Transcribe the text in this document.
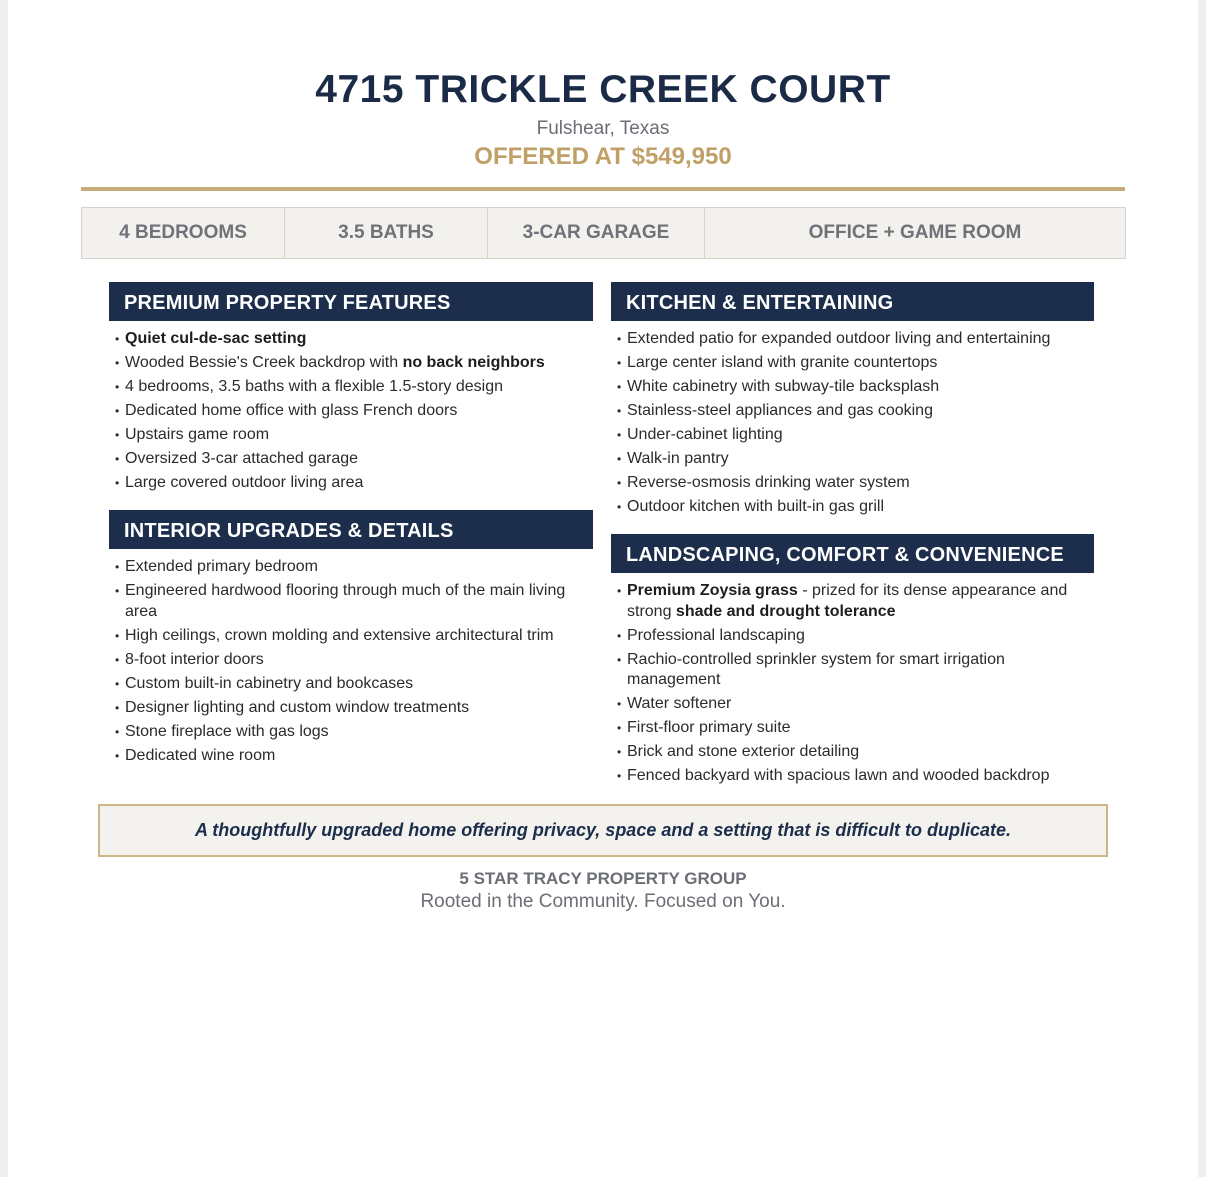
4715 TRICKLE CREEK COURT
Fulshear, Texas
OFFERED AT $549,950
4 BEDROOMS	3.5 BATHS	3-CAR GARAGE	OFFICE + GAME ROOM
PREMIUM PROPERTY FEATURES
• Quiet cul-de-sac setting
• Wooded Bessie's Creek backdrop with no back neighbors
• 4 bedrooms, 3.5 baths with a flexible 1.5-story design
• Dedicated home office with glass French doors
• Upstairs game room
• Oversized 3-car attached garage
• Large covered outdoor living area
INTERIOR UPGRADES & DETAILS
• Extended primary bedroom
• Engineered hardwood flooring through much of the main living area
• High ceilings, crown molding and extensive architectural trim
• 8-foot interior doors
• Custom built-in cabinetry and bookcases
• Designer lighting and custom window treatments
• Stone fireplace with gas logs
• Dedicated wine room
KITCHEN & ENTERTAINING
• Extended patio for expanded outdoor living and entertaining
• Large center island with granite countertops
• White cabinetry with subway-tile backsplash
• Stainless-steel appliances and gas cooking
• Under-cabinet lighting
• Walk-in pantry
• Reverse-osmosis drinking water system
• Outdoor kitchen with built-in gas grill
LANDSCAPING, COMFORT & CONVENIENCE
• Premium Zoysia grass - prized for its dense appearance and strong shade and drought tolerance
• Professional landscaping
• Rachio-controlled sprinkler system for smart irrigation management
• Water softener
• First-floor primary suite
• Brick and stone exterior detailing
• Fenced backyard with spacious lawn and wooded backdrop
A thoughtfully upgraded home offering privacy, space and a setting that is difficult to duplicate.
5 STAR TRACY PROPERTY GROUP
Rooted in the Community. Focused on You.
